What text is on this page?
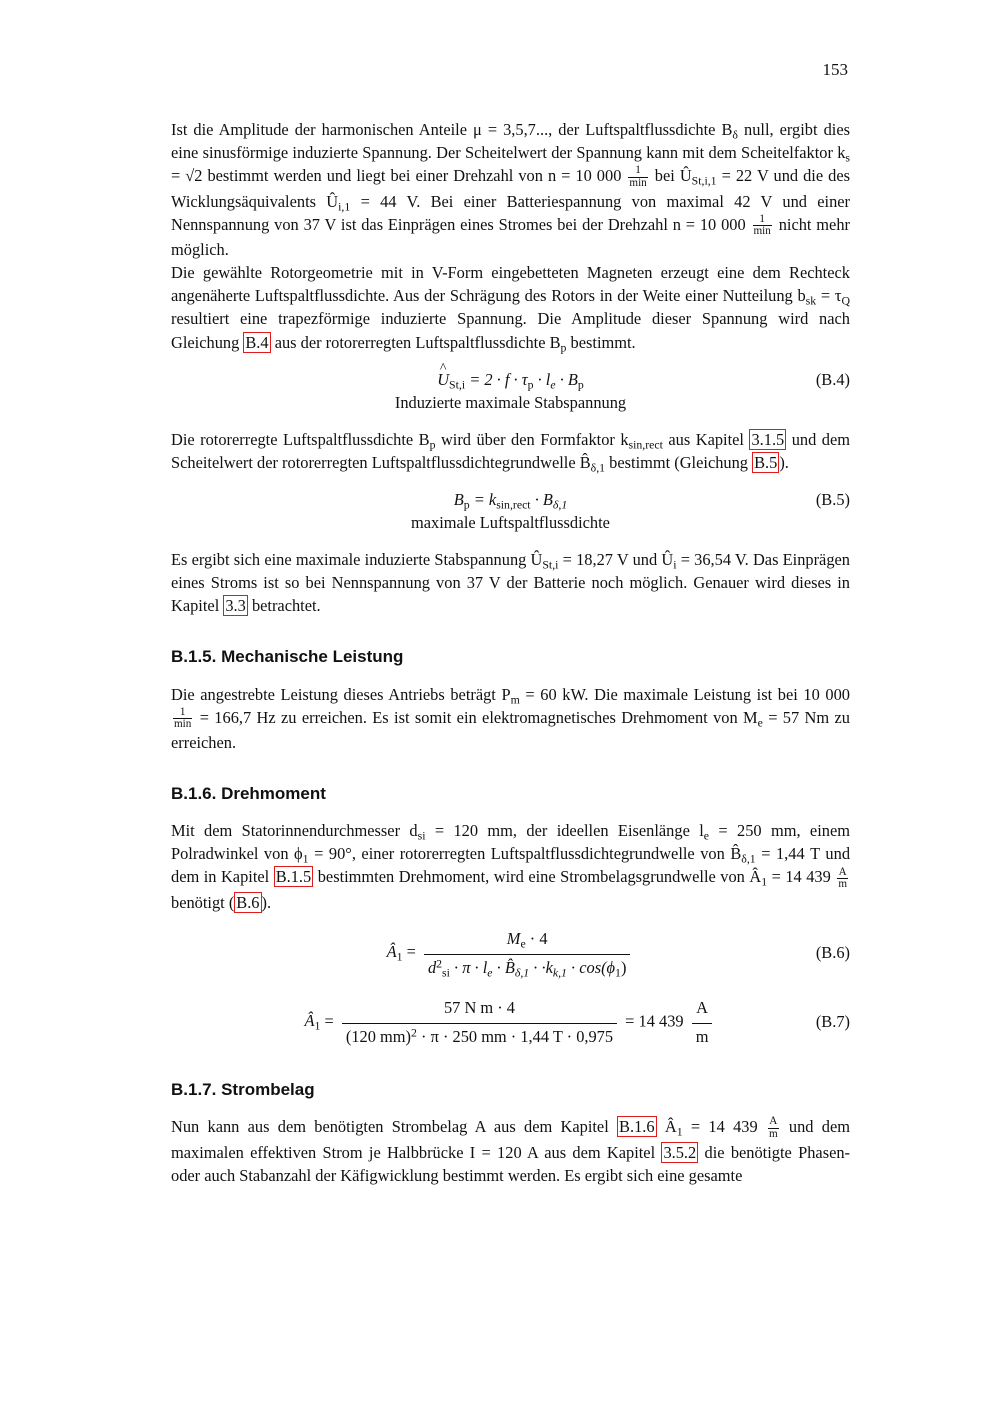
153

Ist die Amplitude der harmonischen Anteile μ = 3,5,7..., der Luftspaltflussdichte $B_\delta$ null, ergibt dies eine sinusförmige induzierte Spannung. Der Scheitelwert der Spannung kann mit dem Scheitelfaktor $k_s = √2$ bestimmt werden und liegt bei einer Drehzahl von n = 10 $000 \frac{1}{\min}$ bei $Û_{St,i,1} = 22$ V und die des Wicklungsäquivalents $Û_{i,1} = 44$ V. Bei einer Batteriespannung von maximal 42 V und einer Nennspannung von 37 V ist das Einprägen eines Stromes bei der Drehzahl n = 10 $000 \frac{1}{\min}$ nicht mehr möglich.

Die gewählte Rotorgeometrie mit in V-Form eingebetteten Magneten erzeugt eine dem Rechteck angenäherte Luftspaltflussdichte. Aus der Schrägung des Rotors in der Weite einer Nutteilung $b_{sk} = \tau_Q$ resultiert eine trapezförmige induzierte Spannung. Die Amplitude dieser Spannung wird nach Gleichung B.4 aus der rotorerregten Luftspaltflussdichte $B_p$ bestimmt.

^ $U_{St,i} = 2 \cdot f \cdot \tau_p \cdot l_e \cdot B_p$	(B.4)
Induzierte maximale Stabspannung

Die rotorerregte Luftspaltflussdichte $B_p$ wird über den Formfaktor $k_{sin,rect}$ aus Kapitel 3.1.5 und dem Scheitelwert der rotorerregten Luftspaltflussdichtegrundwelle $B̂_{\delta,1}$ bestimmt (Gleichung B.5 ).

$B_p = k_{sin,rect} \cdot B_{\delta,1}$	(B.5)
maximale Luftspaltflussdichte

Es ergibt sich eine maximale induzierte Stabspannung $Û_{St,i} = 18,27$ V und $Û_i = 36,54$ V. Das Einprägen eines Stroms ist so bei Nennspannung von 37 V der Batterie noch möglich. Genauer wird dieses in Kapitel 3.3 betrachtet.

B.1.5. Mechanische Leistung

Die angestrebte Leistung dieses Antriebs beträgt $P_m = 60$ kW. Die maximale Leistung ist bei 10 000
$\frac{1}{\min} = 166,7$ Hz zu erreichen. Es ist somit ein elektromagnetisches Drehmoment von $M_e = 57$ Nm zu erreichen.

B.1.6. Drehmoment

Mit dem Statorinnendurchmesser $d_{si} = 120$ mm, der ideellen Eisenlänge $l_e = 250$ mm, einem Polradwinkel von $\phi_1 = 90^\circ$, einer rotorerregten Luftspaltflussdichtegrundwelle von $B̂_{\delta,1} = 1,44$ T und dem in Kapitel B.1.5 bestimmten Drehmoment, wird eine Strombelagsgrundwelle von $Â_1 = 14$ $439 \frac{A}{m}$
benötigt ( B.6 ).

$Â_1 = \frac{M_e \cdot 4}{d^2_{si} \cdot \pi \cdot l_e \cdot B̂_{\delta,1} \cdot \cdot k_{k,1} \cdot \cos(\phi_1)}$	(B.6)
$Â_1 = \frac{\text{57 N m · 4}}{(120 mm)^2 \cdot \pi \cdot 250 mm \cdot 1,44 T \cdot 0,975} = 14$ $439 \frac{A}{m}$	(B.7)
B.1.7. Strombelag

Nun kann aus dem benötigten Strombelag A aus dem Kapitel B.1.6 $Â_1 = 14$ $439 \frac{A}{m}$ und dem maximalen effektiven Strom je Halbbrücke I = 120 A aus dem Kapitel 3.5.2 die benötigte Phasen- oder auch Stabanzahl der Käfigwicklung bestimmt werden. Es ergibt sich eine gesamte
